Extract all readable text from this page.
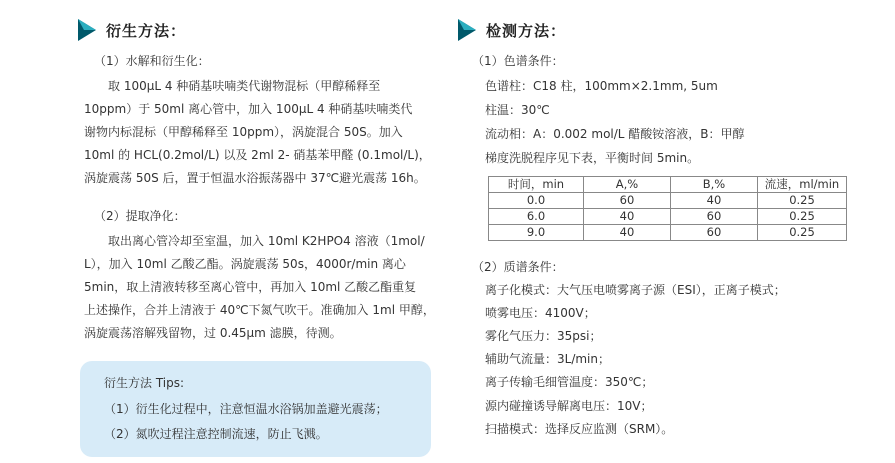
衍生方法：	检测方法：
（1）水解和衍生化：
取 100μL 4 种硝基呋喃类代谢物混标（甲醇稀释至
10ppm）于 50ml 离心管中，加入 100μL 4 种硝基呋喃类代
谢物内标混标（甲醇稀释至 10ppm），涡旋混合 50S。加入
10ml 的 HCL(0.2mol/L) 以及 2ml 2- 硝基苯甲醛 (0.1mol/L)，
涡旋震荡 50S 后，置于恒温水浴振荡器中 37℃避光震荡 16h。
（2）提取净化：
取出离心管冷却至室温，加入 10ml K2HPO4 溶液（1mol/
L），加入 10ml 乙酸乙酯。涡旋震荡 50s，4000r/min 离心
5min，取上清液转移至离心管中，再加入 10ml 乙酸乙酯重复
上述操作，合并上清液于 40℃下氮气吹干。准确加入 1ml 甲醇，
涡旋震荡溶解残留物，过 0.45μm 滤膜，待测。
衍生方法 Tips:
（1）衍生化过程中，注意恒温水浴锅加盖避光震荡；
（2）氮吹过程注意控制流速，防止飞溅。
（1）色谱条件：
色谱柱：C18 柱，100mm×2.1mm, 5um
柱温：30℃
流动相：A：0.002 mol/L 醋酸铵溶液，B：甲醇
梯度洗脱程序见下表，平衡时间 5min。
时间，min	A,%	B,%	流速，ml/min
0.0	60	40	0.25
6.0	40	60	0.25
9.0	40	60	0.25
（2）质谱条件：
离子化模式：大气压电喷雾离子源（ESI），正离子模式；
喷雾电压：4100V；
雾化气压力：35psi；
辅助气流量：3L/min；
离子传输毛细管温度：350℃；
源内碰撞诱导解离电压：10V；
扫描模式：选择反应监测（SRM）。
